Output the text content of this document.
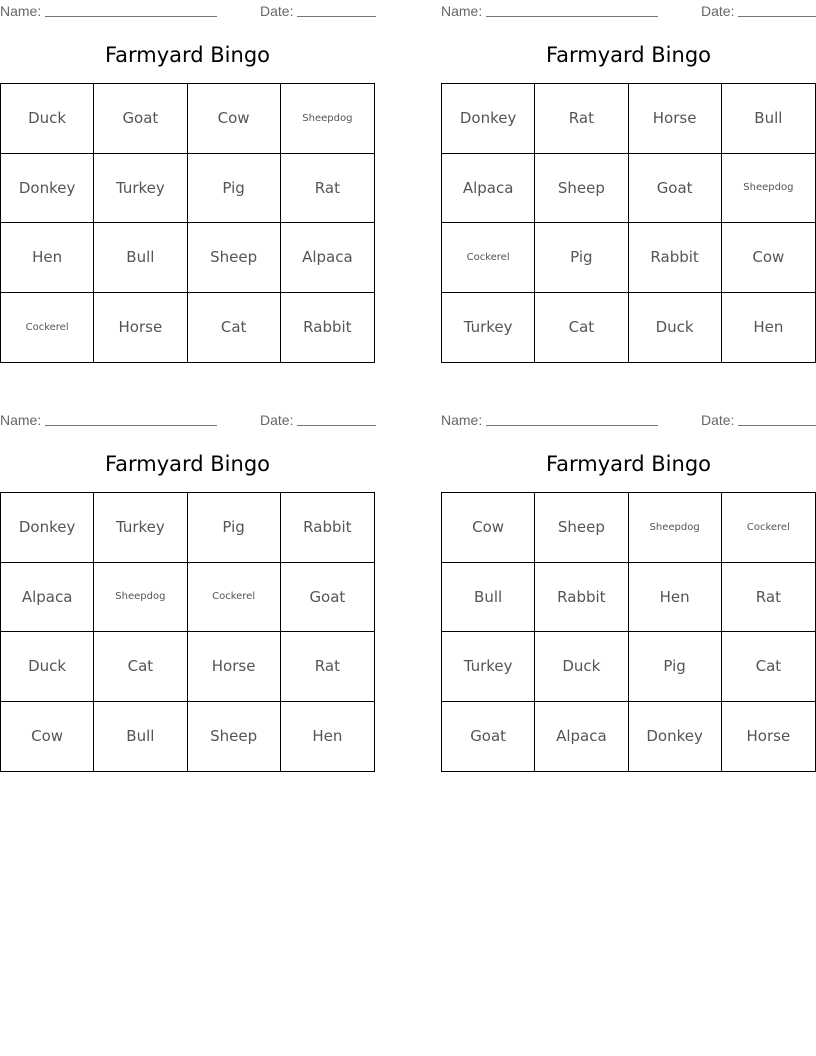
Name:	Date:
Farmyard Bingo
Duck	Goat	Cow	Sheepdog
Donkey	Turkey	Pig	Rat
Hen	Bull	Sheep	Alpaca
Cockerel	Horse	Cat	Rabbit
Name:	Date:
Farmyard Bingo
Donkey	Rat	Horse	Bull
Alpaca	Sheep	Goat	Sheepdog
Cockerel	Pig	Rabbit	Cow
Turkey	Cat	Duck	Hen
Name:	Date:
Farmyard Bingo
Donkey	Turkey	Pig	Rabbit
Alpaca	Sheepdog	Cockerel	Goat
Duck	Cat	Horse	Rat
Cow	Bull	Sheep	Hen
Name:	Date:
Farmyard Bingo
Cow	Sheep	Sheepdog	Cockerel
Bull	Rabbit	Hen	Rat
Turkey	Duck	Pig	Cat
Goat	Alpaca	Donkey	Horse
